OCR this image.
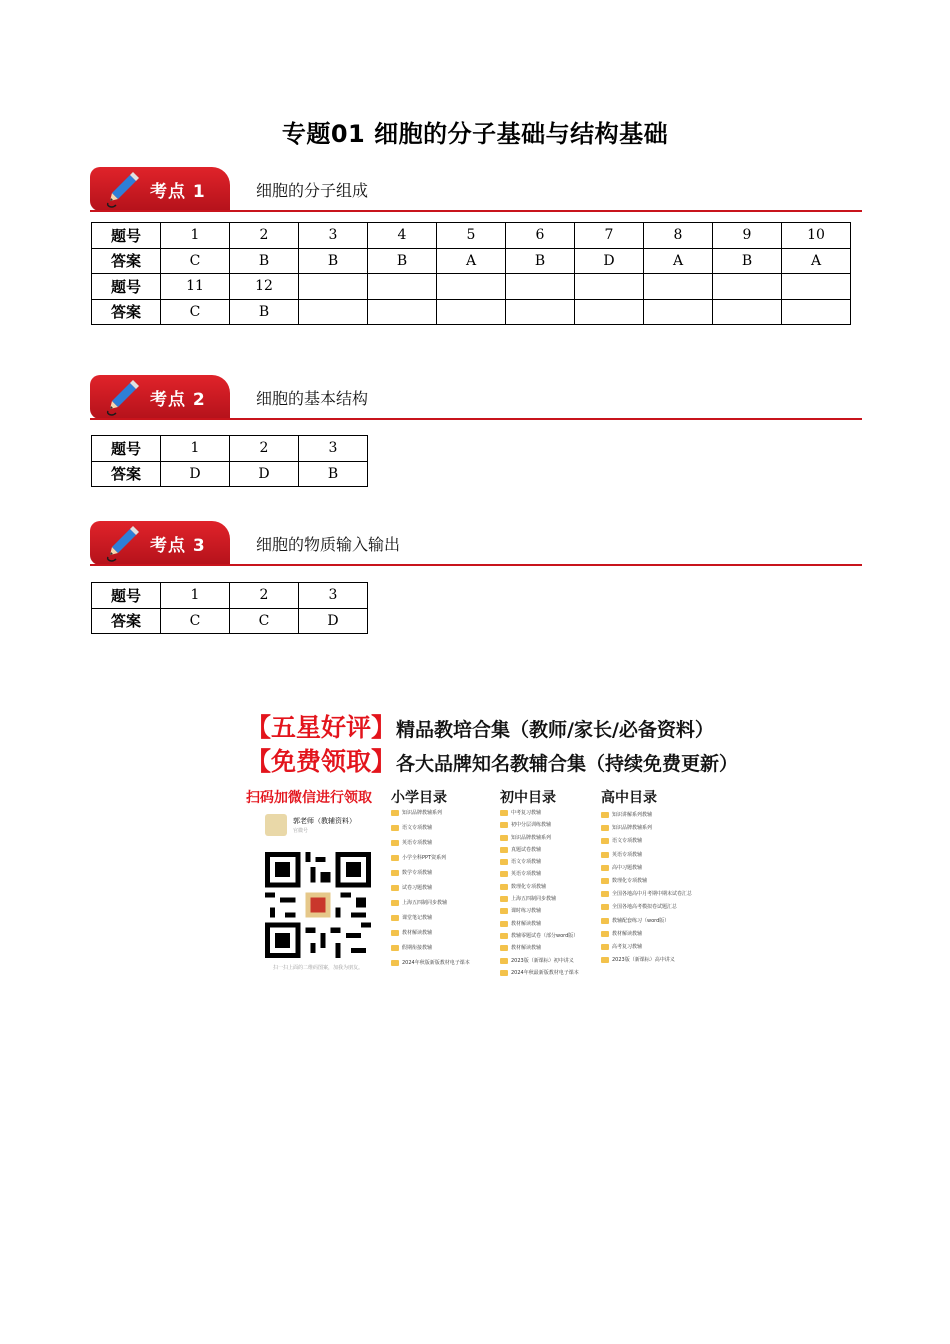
专题01 细胞的分子基础与结构基础
考点 1	细胞的分子组成
题号	1	2	3	4	5	6	7	8	9	10
答案	C	B	B	B	A	B	D	A	B	A
题号	11	12								
答案	C	B								
考点 2	细胞的基本结构
题号	1	2	3
答案	D	D	B
考点 3	细胞的物质输入输出
题号	1	2	3
答案	C	C	D
【五星好评】精品教培合集（教师/家长/必备资料）
【免费领取】各大品牌知名教辅合集（持续免费更新）
扫码加微信进行领取
郭老师（教辅资料）
官微号
扫一扫上面的二维码图案，加我为朋友。
小学目录
知识品牌教辅系列
语文专项教辅
英语专项教辅
小学全科PPT资系列
数学专项教辅
试卷习题教辅
上海五四制同步教辅
课堂笔记教辅
教材解读教辅
假期衔接教辅
2024年秋版新版教材电子课本
初中目录
中考复习教辅
初中分层训练教辅
知识品牌教辅系列
真题试卷教辅
语文专项教辅
英语专项教辅
数理化专项教辅
上海五四制同步教辅
课时练习教辅
教材解读教辅
教辅零题试卷（部分word版）
教材解读教辅
2023版（新课标）初中讲义
2024年秋最新版教材电子课本
高中目录
知识讲解系列教辅
知识品牌教辅系列
语文专项教辅
英语专项教辅
高中习题教辅
数理化专项教辅
全国各地高中月考期中期末试卷汇总
全国各地高考模拟卷试题汇总
教辅配套练习（word版）
教材解读教辅
高考复习教辅
2023版（新课标）高中讲义
